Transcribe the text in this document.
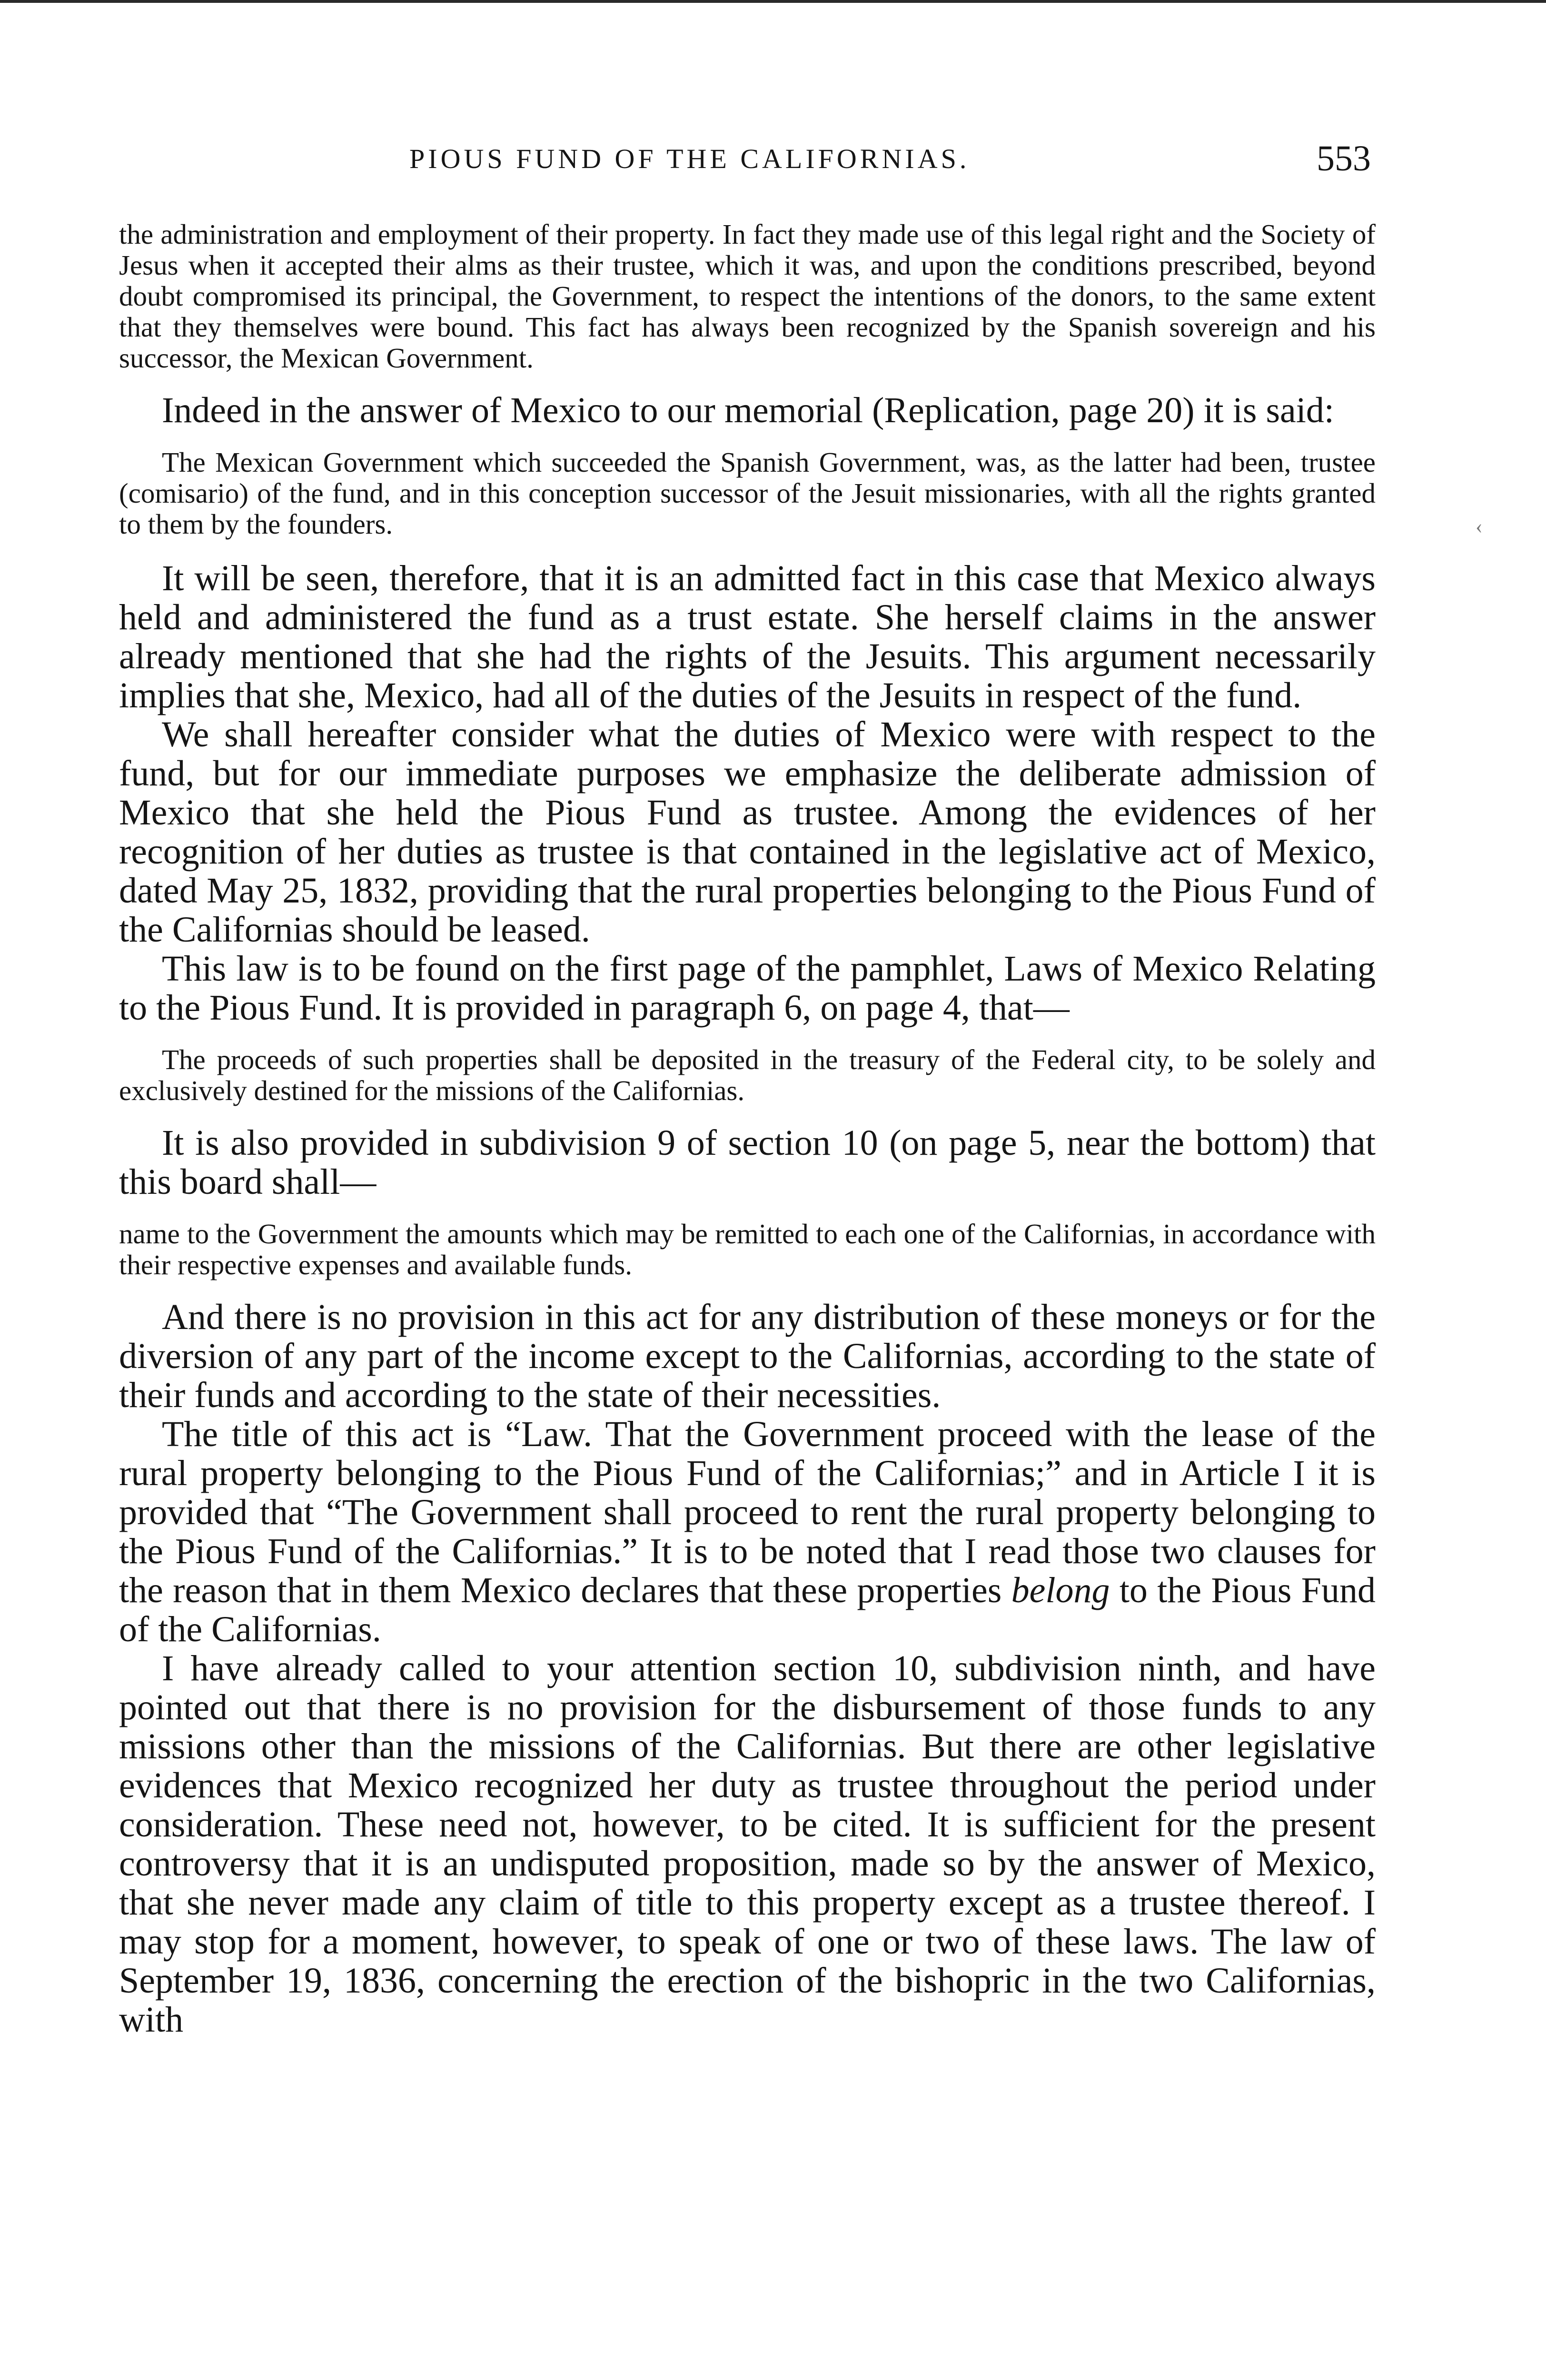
PIOUS FUND OF THE CALIFORNIAS.	553

the administration and employment of their property. In fact they made use of this legal right and the Society of Jesus when it accepted their alms as their trustee, which it was, and upon the conditions prescribed, beyond doubt compromised its principal, the Government, to respect the intentions of the donors, to the same extent that they themselves were bound. This fact has always been recognized by the Spanish sovereign and his successor, the Mexican Government.

Indeed in the answer of Mexico to our memorial (Replication, page 20) it is said:

The Mexican Government which succeeded the Spanish Government, was, as the latter had been, trustee (comisario) of the fund, and in this conception successor of the Jesuit missionaries, with all the rights granted to them by the founders.

It will be seen, therefore, that it is an admitted fact in this case that Mexico always held and administered the fund as a trust estate. She herself claims in the answer already mentioned that she had the rights of the Jesuits. This argument necessarily implies that she, Mexico, had all of the duties of the Jesuits in respect of the fund.

We shall hereafter consider what the duties of Mexico were with respect to the fund, but for our immediate purposes we emphasize the deliberate admission of Mexico that she held the Pious Fund as trustee. Among the evidences of her recognition of her duties as trustee is that contained in the legislative act of Mexico, dated May 25, 1832, providing that the rural properties belonging to the Pious Fund of the Californias should be leased.

This law is to be found on the first page of the pamphlet, Laws of Mexico Relating to the Pious Fund. It is provided in paragraph 6, on page 4, that—

The proceeds of such properties shall be deposited in the treasury of the Federal city, to be solely and exclusively destined for the missions of the Californias.

It is also provided in subdivision 9 of section 10 (on page 5, near the bottom) that this board shall—

name to the Government the amounts which may be remitted to each one of the Californias, in accordance with their respective expenses and available funds.

And there is no provision in this act for any distribution of these moneys or for the diversion of any part of the income except to the Californias, according to the state of their funds and according to the state of their necessities.

The title of this act is “Law. That the Government proceed with the lease of the rural property belonging to the Pious Fund of the Californias;” and in Article I it is provided that “The Government shall proceed to rent the rural property belonging to the Pious Fund of the Californias.” It is to be noted that I read those two clauses for the reason that in them Mexico declares that these properties belong to the Pious Fund of the Californias.

I have already called to your attention section 10, subdivision ninth, and have pointed out that there is no provision for the disbursement of those funds to any missions other than the missions of the Californias. But there are other legislative evidences that Mexico recognized her duty as trustee throughout the period under consideration. These need not, however, to be cited. It is sufficient for the present controversy that it is an undisputed proposition, made so by the answer of Mexico, that she never made any claim of title to this property except as a trustee thereof. I may stop for a moment, however, to speak of one or two of these laws. The law of September 19, 1836, concerning the erection of the bishopric in the two Californias, with

‹
